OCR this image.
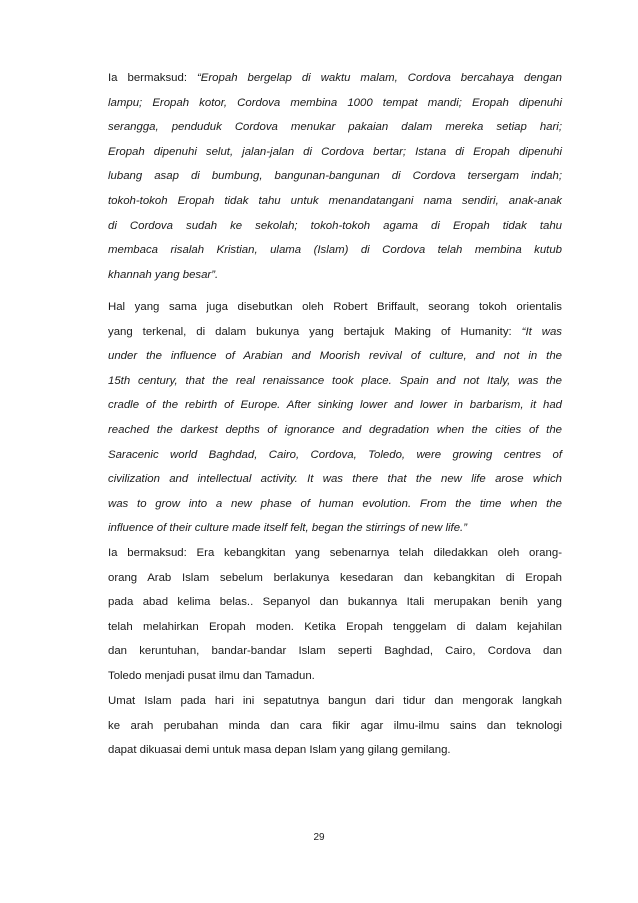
Ia bermaksud: “Eropah bergelap di waktu malam, Cordova bercahaya dengan
lampu; Eropah kotor, Cordova membina 1000 tempat mandi; Eropah dipenuhi
serangga, penduduk Cordova menukar pakaian dalam mereka setiap hari;
Eropah dipenuhi selut, jalan-jalan di Cordova bertar; Istana di Eropah dipenuhi
lubang asap di bumbung, bangunan-bangunan di Cordova tersergam indah;
tokoh-tokoh Eropah tidak tahu untuk menandatangani nama sendiri, anak-anak
di Cordova sudah ke sekolah; tokoh-tokoh agama di Eropah tidak tahu
membaca risalah Kristian, ulama (Islam) di Cordova telah membina kutub
khannah yang besar”.
Hal yang sama juga disebutkan oleh Robert Briffault, seorang tokoh orientalis
yang terkenal, di dalam bukunya yang bertajuk Making of Humanity: “It was
under the influence of Arabian and Moorish revival of culture, and not in the
15th century, that the real renaissance took place. Spain and not Italy, was the
cradle of the rebirth of Europe. After sinking lower and lower in barbarism, it had
reached the darkest depths of ignorance and degradation when the cities of the
Saracenic world Baghdad, Cairo, Cordova, Toledo, were growing centres of
civilization and intellectual activity. It was there that the new life arose which
was to grow into a new phase of human evolution. From the time when the
influence of their culture made itself felt, began the stirrings of new life.”
Ia bermaksud: Era kebangkitan yang sebenarnya telah diledakkan oleh orang-
orang Arab Islam sebelum berlakunya kesedaran dan kebangkitan di Eropah
pada abad kelima belas.. Sepanyol dan bukannya Itali merupakan benih yang
telah melahirkan Eropah moden. Ketika Eropah tenggelam di dalam kejahilan
dan keruntuhan, bandar-bandar Islam seperti Baghdad, Cairo, Cordova dan
Toledo menjadi pusat ilmu dan Tamadun.
Umat Islam pada hari ini sepatutnya bangun dari tidur dan mengorak langkah
ke arah perubahan minda dan cara fikir agar ilmu-ilmu sains dan teknologi
dapat dikuasai demi untuk masa depan Islam yang gilang gemilang.
29
